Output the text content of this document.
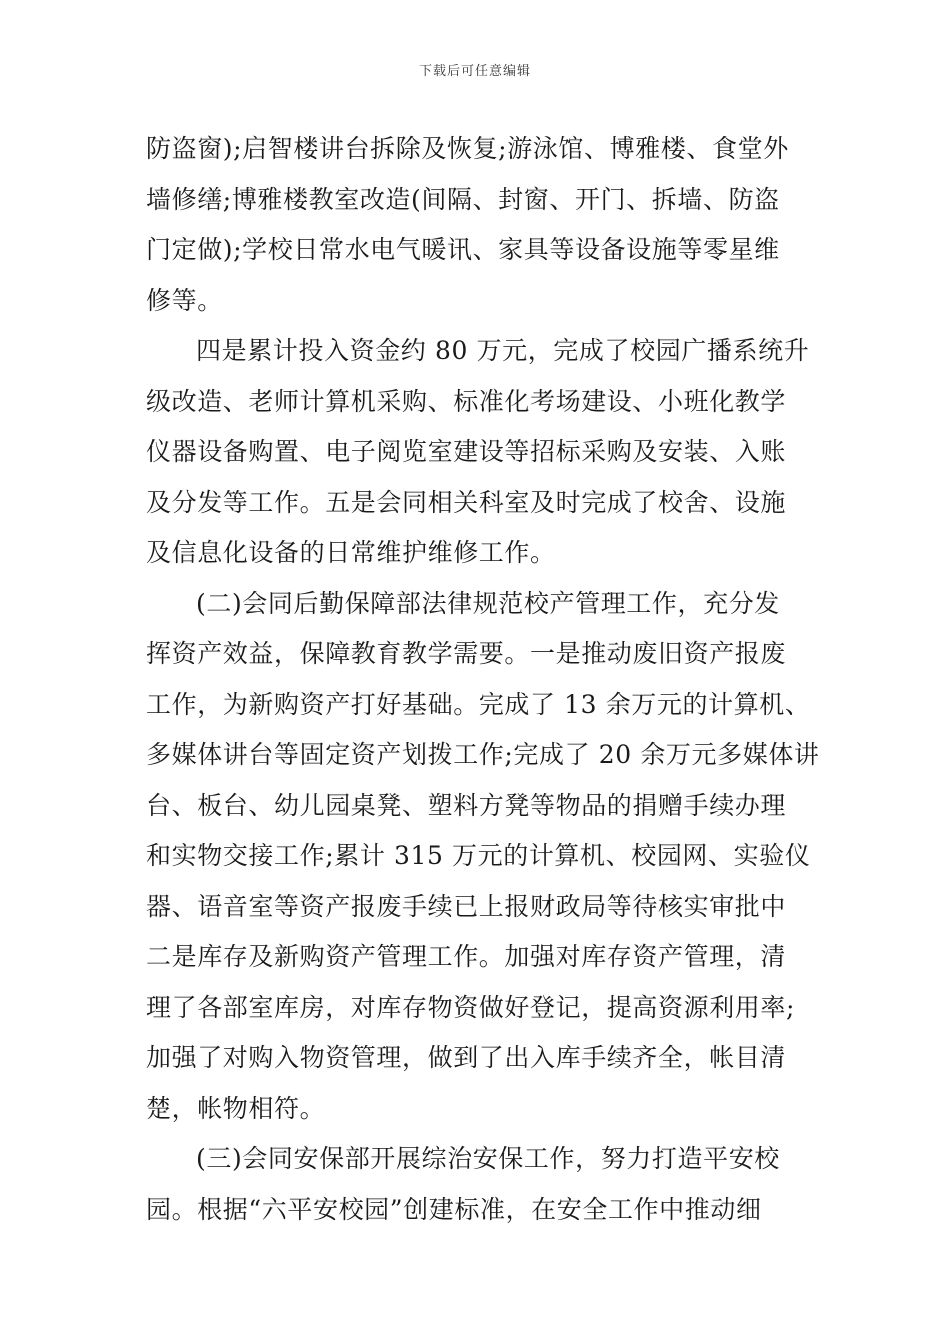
下载后可任意编辑
防盗窗);启智楼讲台拆除及恢复;游泳馆、博雅楼、食堂外
墙修缮;博雅楼教室改造(间隔、封窗、开门、拆墙、防盗
门定做);学校日常水电气暖讯、家具等设备设施等零星维
修等。
四是累计投入资金约 80 万元，完成了校园广播系统升
级改造、老师计算机采购、标准化考场建设、小班化教学
仪器设备购置、电子阅览室建设等招标采购及安装、入账
及分发等工作。五是会同相关科室及时完成了校舍、设施
及信息化设备的日常维护维修工作。
(二)会同后勤保障部法律规范校产管理工作，充分发
挥资产效益，保障教育教学需要。一是推动废旧资产报废
工作，为新购资产打好基础。完成了 13 余万元的计算机、
多媒体讲台等固定资产划拨工作;完成了 20 余万元多媒体讲
台、板台、幼儿园桌凳、塑料方凳等物品的捐赠手续办理
和实物交接工作;累计 315 万元的计算机、校园网、实验仪
器、语音室等资产报废手续已上报财政局等待核实审批中
二是库存及新购资产管理工作。加强对库存资产管理，清
理了各部室库房，对库存物资做好登记，提高资源利用率;
加强了对购入物资管理，做到了出入库手续齐全，帐目清
楚，帐物相符。
(三)会同安保部开展综治安保工作，努力打造平安校
园。根据“六平安校园”创建标准，在安全工作中推动细
